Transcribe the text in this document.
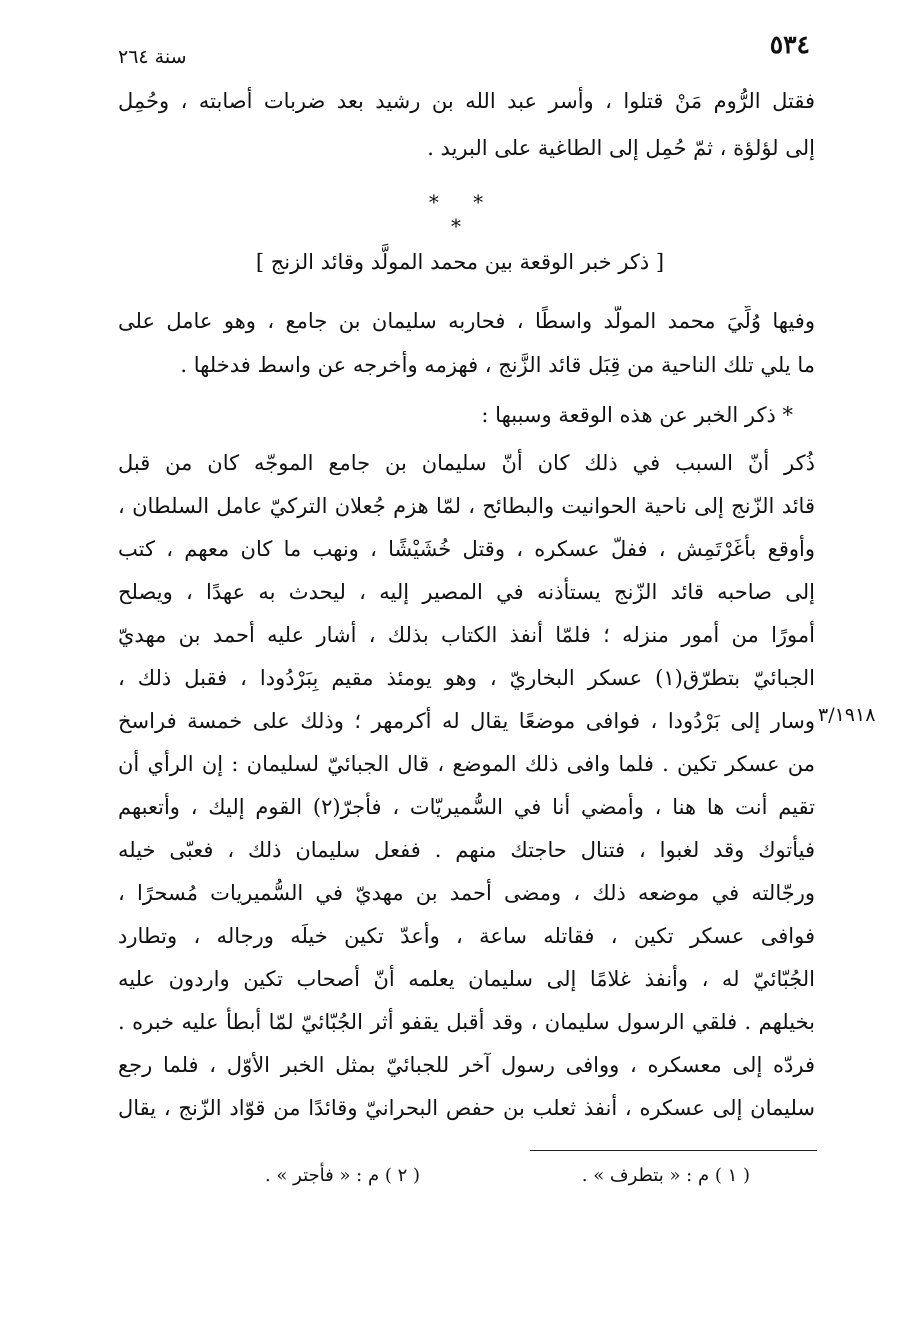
٥٣٤
سنة ٢٦٤
فقتل الرُّوم مَنْ قتلوا ، وأسر عبد الله بن رشيد بعد ضربات أصابته ، وحُمِل
إلى لؤلؤة ، ثمّ حُمِل إلى الطاغية على البريد .
* * *
[ ذكر خبر الوقعة بين محمد المولَّد وقائد الزنج ]
وفيها وُلِّيَ محمد المولَّد واسطًا ، فحاربه سليمان بن جامع ، وهو عامل على
ما يلي تلك الناحية من قِبَل قائد الزَّنج ، فهزمه وأخرجه عن واسط فدخلها .
* ذكر الخبر عن هذه الوقعة وسببها :
ذُكر أنّ السبب في ذلك كان أنّ سليمان بن جامع الموجّه كان من قبل
قائد الزّنج إلى ناحية الحوانيت والبطائح ، لمّا هزم جُعلان التركيّ عامل السلطان ،
وأوقع بأغَرْتَمِش ، ففلّ عسكره ، وقتل خُشَيْشًا ، ونهب ما كان معهم ، كتب
إلى صاحبه قائد الزّنج يستأذنه في المصير إليه ، ليحدث به عهدًا ، ويصلح
أمورًا من أمور منزله ؛ فلمّا أنفذ الكتاب بذلك ، أشار عليه أحمد بن مهديّ
الجبائيّ بتطرّق(١) عسكر البخاريّ ، وهو يومئذ مقيم بِبَرْدُودا ، فقبل ذلك ،
وسار إلى بَرْدُودا ، فوافى موضعًا يقال له أكرمهر ؛ وذلك على خمسة فراسخ
من عسكر تكين . فلما وافى ذلك الموضع ، قال الجبائيّ لسليمان : إن الرأي أن
تقيم أنت ها هنا ، وأمضي أنا في السُّميريّات ، فأجرّ(٢) القوم إليك ، وأتعبهم
فيأتوك وقد لغبوا ، فتنال حاجتك منهم . ففعل سليمان ذلك ، فعبّى خيله
ورجّالته في موضعه ذلك ، ومضى أحمد بن مهديّ في السُّميريات مُسحرًا ،
فوافى عسكر تكين ، فقاتله ساعة ، وأعدّ تكين خيلَه ورجاله ، وتطارد
الجُبّائيّ له ، وأنفذ غلامًا إلى سليمان يعلمه أنّ أصحاب تكين واردون عليه
بخيلهم . فلقي الرسول سليمان ، وقد أقبل يقفو أثر الجُبّائيّ لمّا أبطأ عليه خبره .
فردّه إلى معسكره ، ووافى رسول آخر للجبائيّ بمثل الخبر الأوّل ، فلما رجع
سليمان إلى عسكره ، أنفذ ثعلب بن حفص البحرانيّ وقائدًا من قوّاد الزّنج ، يقال
٣/١٩١٨
( ١ ) م : « بتطرف » .
( ٢ ) م : « فأجتر » .
